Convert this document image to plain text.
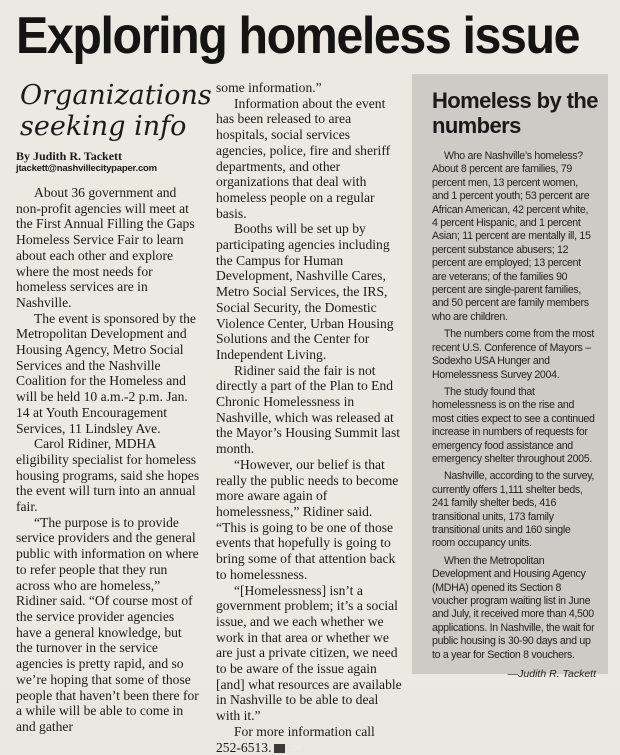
Exploring homeless issue
Organizations seeking info
By Judith R. Tackett
jtackett@nashvillecitypaper.com

About 36 government and non-profit agencies will meet at the First Annual Filling the Gaps Homeless Service Fair to learn about each other and explore where the most needs for homeless services are in Nashville.

The event is sponsored by the Metropolitan Development and Housing Agency, Metro Social Services and the Nashville Coalition for the Homeless and will be held 10 a.m.-2 p.m. Jan. 14 at Youth Encouragement Services, 11 Lindsley Ave.

Carol Ridiner, MDHA eligibility specialist for homeless housing programs, said she hopes the event will turn into an annual fair.

“The purpose is to provide service providers and the general public with information on where to refer people that they run across who are homeless,” Ridiner said. “Of course most of the service provider agencies have a general knowledge, but the turnover in the service agencies is pretty rapid, and so we’re hoping that some of those people that haven’t been there for a while will be able to come in and gather

some information.”

Information about the event has been released to area hospitals, social services agencies, police, fire and sheriff departments, and other organizations that deal with homeless people on a regular basis.

Booths will be set up by participating agencies including the Campus for Human Development, Nashville Cares, Metro Social Services, the IRS, Social Security, the Domestic Violence Center, Urban Housing Solutions and the Center for Independent Living.

Ridiner said the fair is not directly a part of the Plan to End Chronic Homelessness in Nashville, which was released at the Mayor’s Housing Summit last month.

“However, our belief is that really the public needs to become more aware again of homelessness,” Ridiner said. “This is going to be one of those events that hopefully is going to bring some of that attention back to homelessness.

“[Homelessness] isn’t a government problem; it’s a social issue, and we each whether we work in that area or whether we are just a private citizen, we need to be aware of the issue again [and] what resources are available in Nashville to be able to deal with it.”

For more information call 252-6513.	CP

Homeless by the numbers

Who are Nashville’s homeless? About 8 percent are families, 79 percent men, 13 percent women, and 1 percent youth; 53 percent are African American, 42 percent white, 4 percent Hispanic, and 1 percent Asian; 11 percent are mentally ill, 15 percent substance abusers; 12 percent are employed; 13 percent are veterans; of the families 90 percent are single-parent families, and 50 percent are family members who are children.

The numbers come from the most recent U.S. Conference of Mayors – Sodexho USA Hunger and Homelessness Survey 2004.

The study found that homelessness is on the rise and most cities expect to see a continued increase in numbers of requests for emergency food assistance and emergency shelter throughout 2005.

Nashville, according to the survey, currently offers 1,111 shelter beds, 241 family shelter beds, 416 transitional units, 173 family transitional units and 160 single room occupancy units.

When the Metropolitan Development and Housing Agency (MDHA) opened its Section 8 voucher program waiting list in June and July, it received more than 4,500 applications. In Nashville, the wait for public housing is 30-90 days and up to a year for Section 8 vouchers.

—Judith R. Tackett
